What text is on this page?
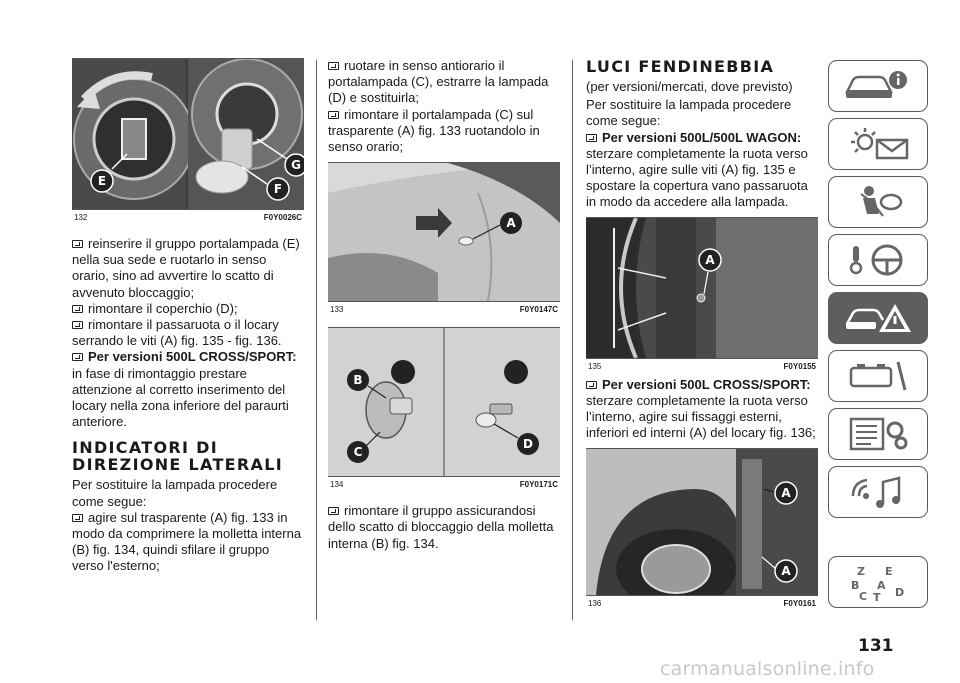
E
F
G
132	F0Y0026C

reinserire il gruppo portalampada (E) nella sua sede e ruotarlo in senso orario, sino ad avvertire lo scatto di avvenuto bloccaggio;

rimontare il coperchio (D);

rimontare il passaruota o il locary serrando le viti (A) fig. 135 - fig. 136.

Per versioni 500L CROSS/SPORT:
in fase di rimontaggio prestare attenzione al corretto inserimento del locary nella zona inferiore del paraurti anteriore.

INDICATORI DI DIREZIONE LATERALI

Per sostituire la lampada procedere come segue:

agire sul trasparente (A) fig. 133 in modo da comprimere la molletta interna (B) fig. 134, quindi sfilare il gruppo verso l'esterno;

ruotare in senso antiorario il portalampada (C), estrarre la lampada (D) e sostituirla;

rimontare il portalampada (C) sul trasparente (A) fig. 133 ruotandolo in senso orario;

A
133	F0Y0147C
B
C
D
134	F0Y0171C

rimontare il gruppo assicurandosi dello scatto di bloccaggio della molletta interna (B) fig. 134.

LUCI FENDINEBBIA

(per versioni/mercati, dove previsto)

Per sostituire la lampada procedere come segue:

Per versioni 500L/500L WAGON:
sterzare completamente la ruota verso l’interno, agire sulle viti (A) fig. 135 e spostare la copertura vano passaruota in modo da accedere alla lampada.

A
135	F0Y0155

Per versioni 500L CROSS/SPORT:
sterzare completamente la ruota verso l’interno, agire sui fissaggi esterni, inferiori ed interni (A) del locary fig. 136;

A
A
136	F0Y0161
Z E
B A
C	D
T
131
carmanualsonline.info
